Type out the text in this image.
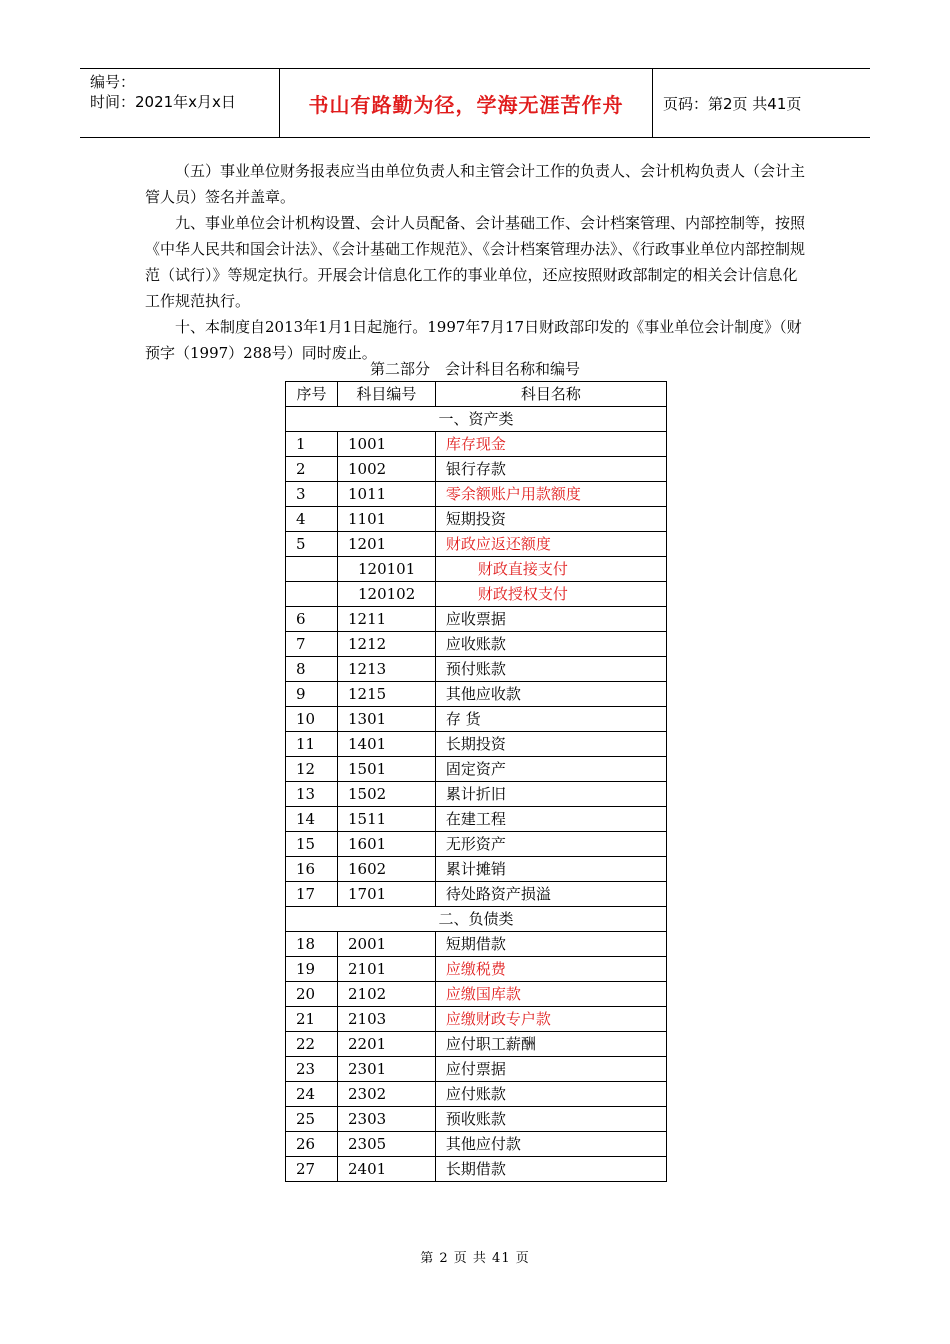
编号：
时间：2021年x月x日	书山有路勤为径，学海无涯苦作舟	页码：第2页 共41页

（五）事业单位财务报表应当由单位负责人和主管会计工作的负责人、会计机构负责人（会计主管人员）签名并盖章。

九、事业单位会计机构设置、会计人员配备、会计基础工作、会计档案管理、内部控制等，按照《中华人民共和国会计法》、《会计基础工作规范》、《会计档案管理办法》、《行政事业单位内部控制规范（试行）》等规定执行。开展会计信息化工作的事业单位，还应按照财政部制定的相关会计信息化工作规范执行。

十、本制度自2013年1月1日起施行。1997年7月17日财政部印发的《事业单位会计制度》（财预字（1997）288号）同时废止。

第二部分　会计科目名称和编号
序号	科目编号	科目名称
一、资产类		
1	1001	库存现金
2	1002	银行存款
3	1011	零余额账户用款额度
4	1101	短期投资
5	1201	财政应返还额度
	120101	财政直接支付
	120102	财政授权支付
6	1211	应收票据
7	1212	应收账款
8	1213	预付账款
9	1215	其他应收款
10	1301	存 货
11	1401	长期投资
12	1501	固定资产
13	1502	累计折旧
14	1511	在建工程
15	1601	无形资产
16	1602	累计摊销
17	1701	待处路资产损溢
二、负债类		
18	2001	短期借款
19	2101	应缴税费
20	2102	应缴国库款
21	2103	应缴财政专户款
22	2201	应付职工薪酬
23	2301	应付票据
24	2302	应付账款
25	2303	预收账款
26	2305	其他应付款
27	2401	长期借款
第 2 页 共 41 页
